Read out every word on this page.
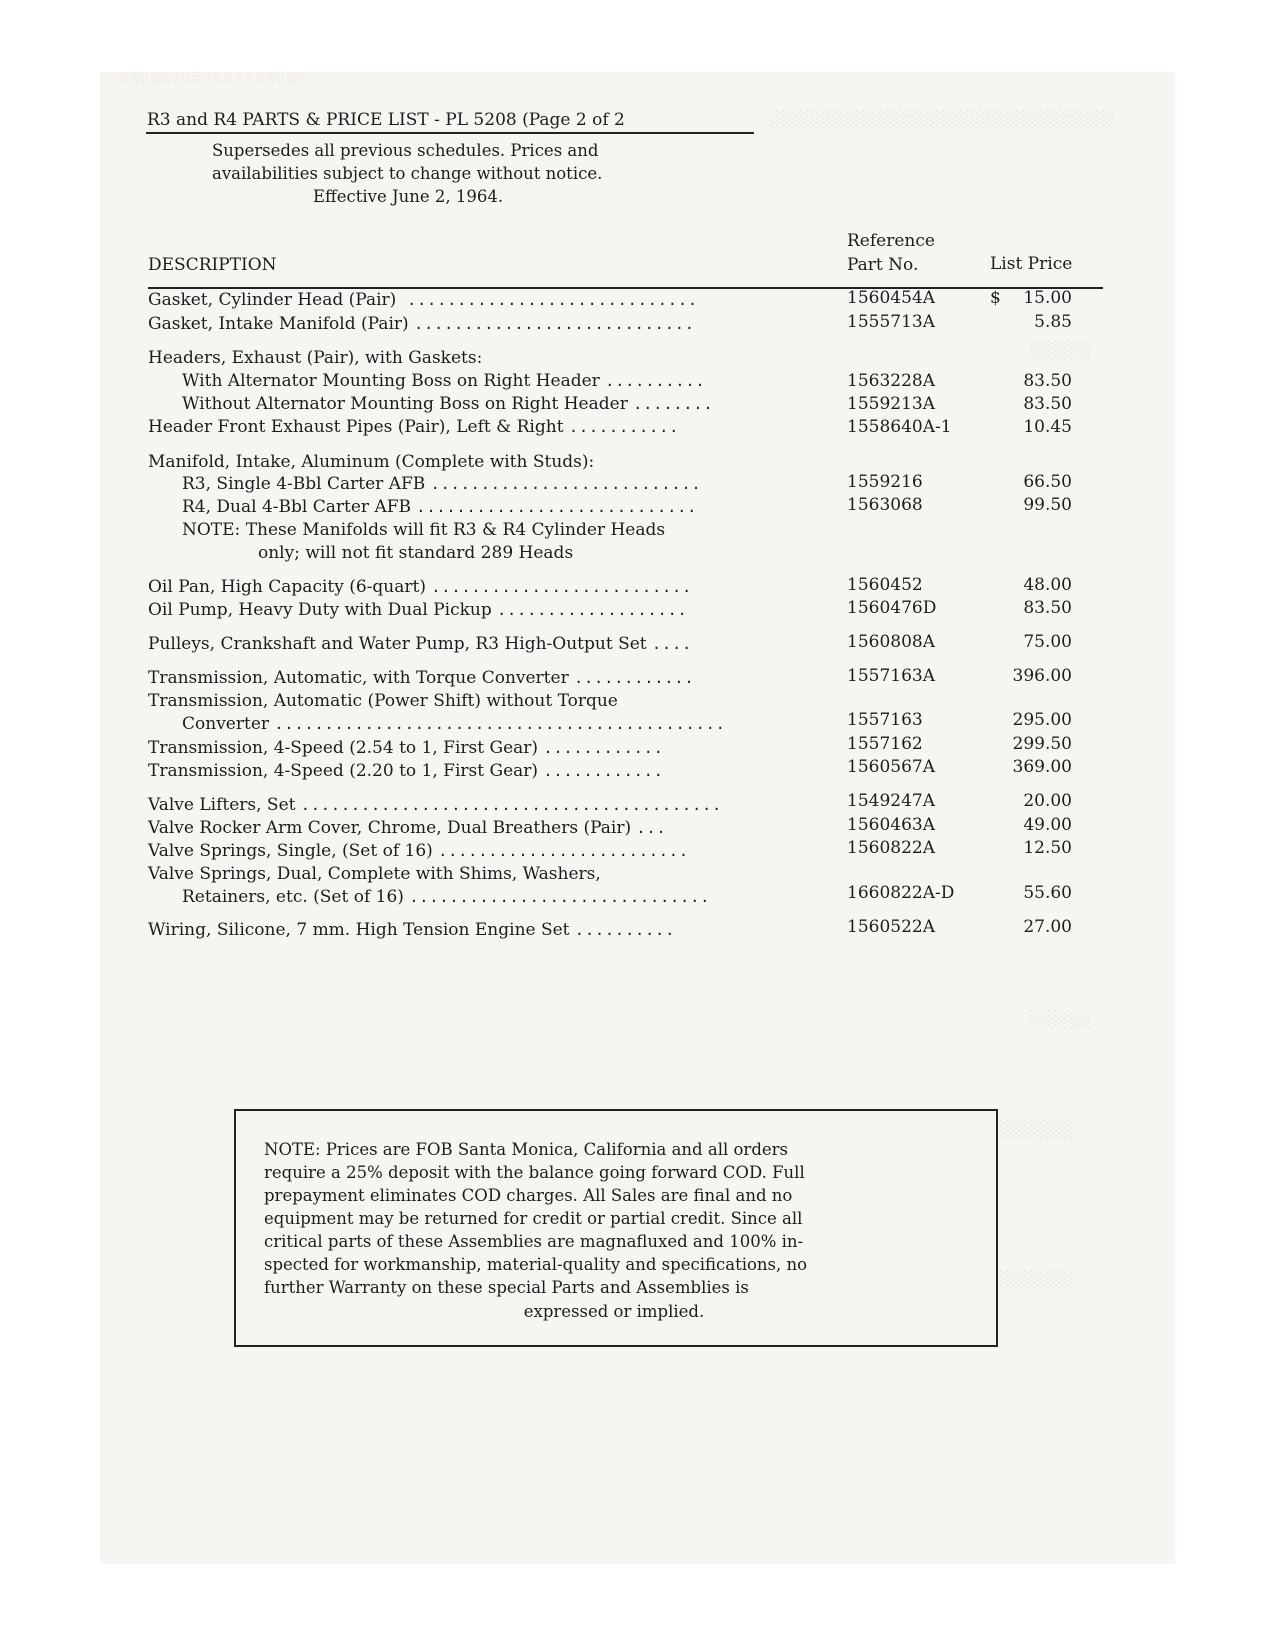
░░░░░░░░░░░░░░░░░░
░░░░░░░░░░░░░░░░░░░░░░░░░░░░
░░░░░
░░░░░
░░░░░░
░░░░░░
R3 and R4 PARTS & PRICE LIST - PL 5208 (Page 2 of 2
Supersedes all previous schedules. Prices and
availabilities subject to change without notice.
Effective June 2, 1964.
Reference
DESCRIPTION	Part No.	List Price
Gasket, Cylinder Head (Pair) .............................	1560454A	$ 15.00
Gasket, Intake Manifold (Pair) ............................	1555713A	5.85
Headers, Exhaust (Pair), with Gaskets:
With Alternator Mounting Boss on Right Header ..........	1563228A	83.50
Without Alternator Mounting Boss on Right Header ........	1559213A	83.50
Header Front Exhaust Pipes (Pair), Left & Right ...........	1558640A-1	10.45
Manifold, Intake, Aluminum (Complete with Studs):
R3, Single 4-Bbl Carter AFB ...........................	1559216	66.50
R4, Dual 4-Bbl Carter AFB ............................	1563068	99.50
NOTE: These Manifolds will fit R3 & R4 Cylinder Heads
only; will not fit standard 289 Heads
Oil Pan, High Capacity (6-quart) ..........................	1560452	48.00
Oil Pump, Heavy Duty with Dual Pickup ...................	1560476D	83.50
Pulleys, Crankshaft and Water Pump, R3 High-Output Set ....	1560808A	75.00
Transmission, Automatic, with Torque Converter ............	1557163A	396.00
Transmission, Automatic (Power Shift) without Torque
Converter .............................................	1557163	295.00
Transmission, 4-Speed (2.54 to 1, First Gear) ............	1557162	299.50
Transmission, 4-Speed (2.20 to 1, First Gear) ............	1560567A	369.00
Valve Lifters, Set ..........................................	1549247A	20.00
Valve Rocker Arm Cover, Chrome, Dual Breathers (Pair) ...	1560463A	49.00
Valve Springs, Single, (Set of 16) .........................	1560822A	12.50
Valve Springs, Dual, Complete with Shims, Washers,
Retainers, etc. (Set of 16) ..............................	1660822A-D	55.60
Wiring, Silicone, 7 mm. High Tension Engine Set ..........	1560522A	27.00
NOTE: Prices are FOB Santa Monica, California and all orders
require a 25% deposit with the balance going forward COD. Full
prepayment eliminates COD charges. All Sales are final and no
equipment may be returned for credit or partial credit. Since all
critical parts of these Assemblies are magnafluxed and 100% in-
spected for workmanship, material-quality and specifications, no
further Warranty on these special Parts and Assemblies is
expressed or implied.
